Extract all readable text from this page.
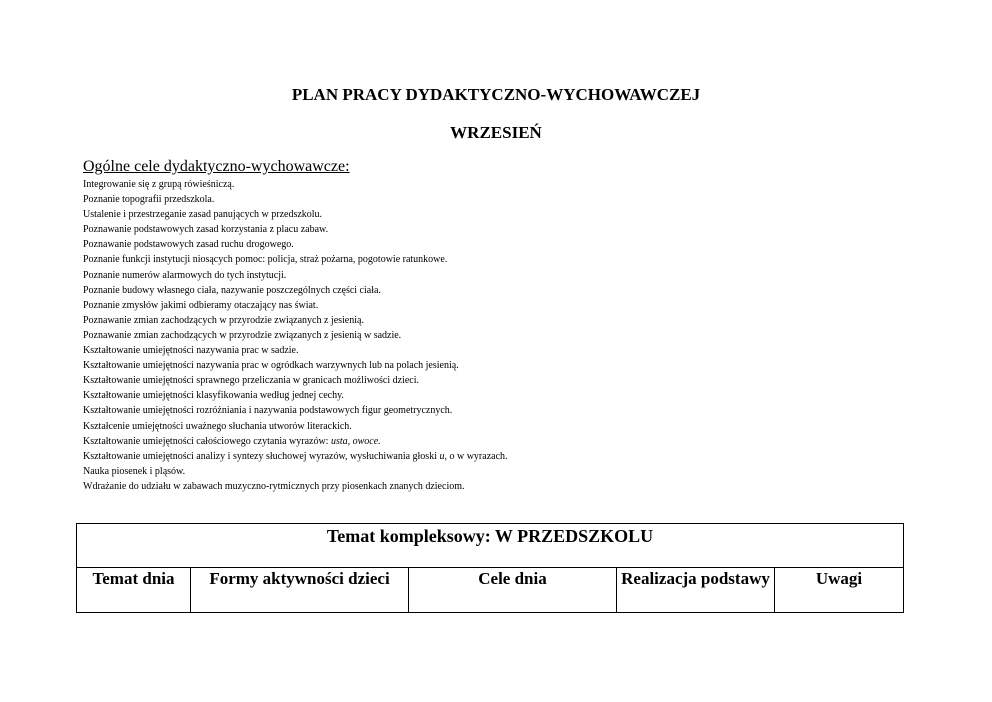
PLAN PRACY DYDAKTYCZNO-WYCHOWAWCZEJ
WRZESIEŃ

Ogólne cele dydaktyczno-wychowawcze:

Integrowanie się z grupą rówieśniczą.
Poznanie topografii przedszkola.
Ustalenie i przestrzeganie zasad panujących w przedszkolu.
Poznawanie podstawowych zasad korzystania z placu zabaw.
Poznawanie podstawowych zasad ruchu drogowego.
Poznanie funkcji instytucji niosących pomoc: policja, straż pożarna, pogotowie ratunkowe.
Poznanie numerów alarmowych do tych instytucji.
Poznanie budowy własnego ciała, nazywanie poszczególnych części ciała.
Poznanie zmysłów jakimi odbieramy otaczający nas świat.
Poznawanie zmian zachodzących w przyrodzie związanych z jesienią.
Poznawanie zmian zachodzących w przyrodzie związanych z jesienią w sadzie.
Kształtowanie umiejętności nazywania prac w sadzie.
Kształtowanie umiejętności nazywania prac w ogródkach warzywnych lub na polach jesienią.
Kształtowanie umiejętności sprawnego przeliczania w granicach możliwości dzieci.
Kształtowanie umiejętności klasyfikowania według jednej cechy.
Kształtowanie umiejętności rozróżniania i nazywania podstawowych figur geometrycznych.
Kształcenie umiejętności uważnego słuchania utworów literackich.
Kształtowanie umiejętności całościowego czytania wyrazów: usta, owoce.
Kształtowanie umiejętności analizy i syntezy słuchowej wyrazów, wysłuchiwania głoski u, o w wyrazach.
Nauka piosenek i pląsów.
Wdrażanie do udziału w zabawach muzyczno-rytmicznych przy piosenkach znanych dzieciom.
Temat kompleksowy: W PRZEDSZKOLU
Temat dnia	Formy aktywności dzieci	Cele dnia	Realizacja podstawy	Uwagi
